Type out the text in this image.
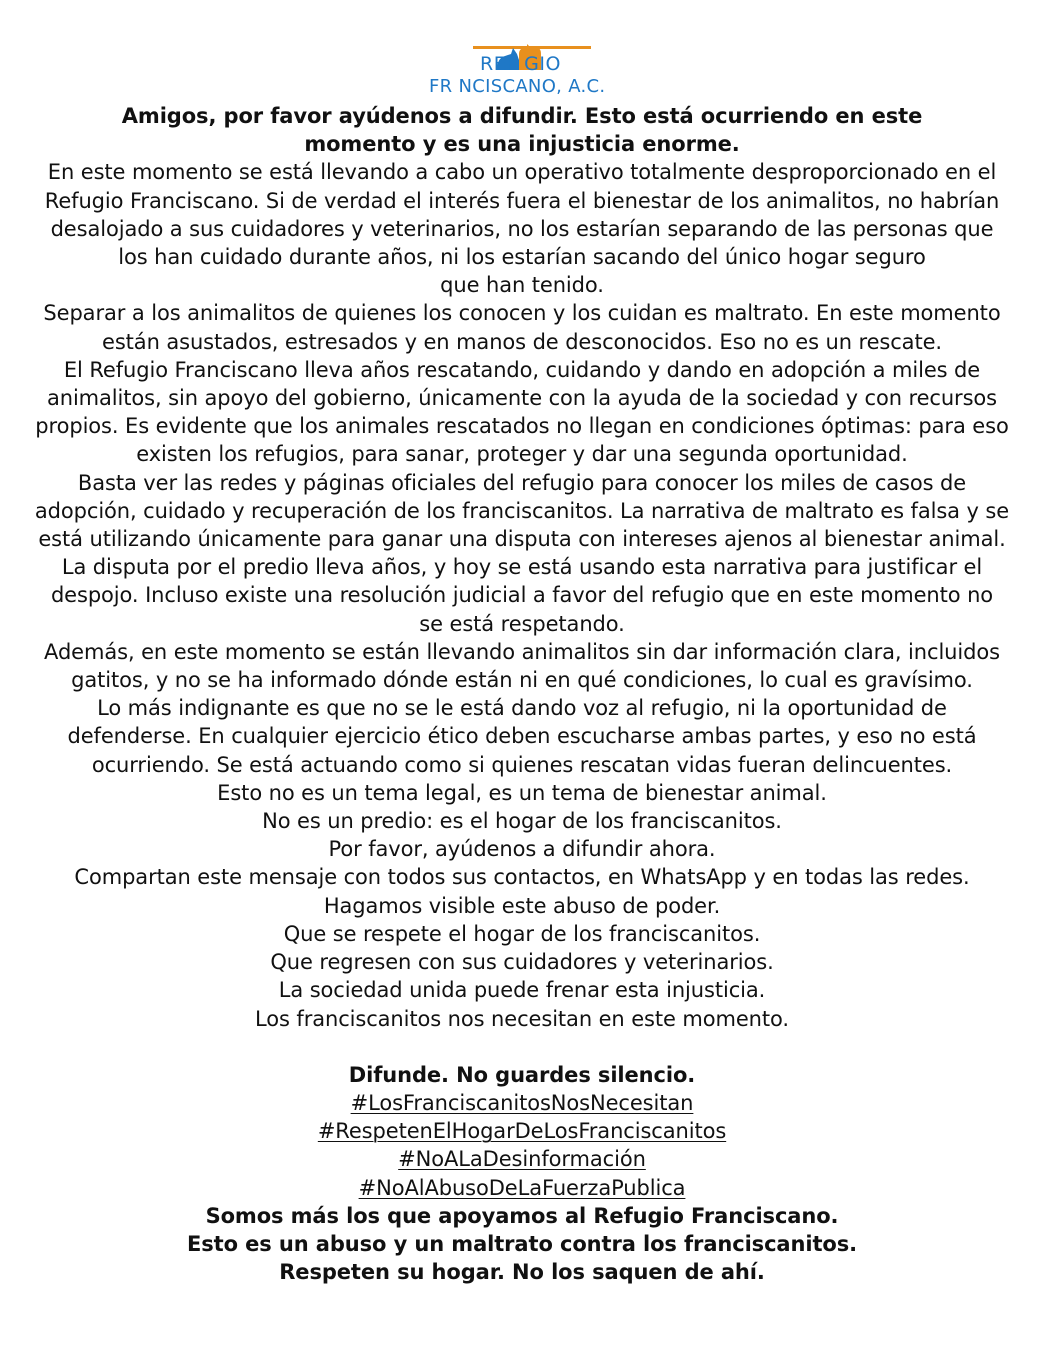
REF GIO
FR NCISCANO, A.C.

Amigos, por favor ayúdenos a difundir. Esto está ocurriendo en este

momento y es una injusticia enorme.

En este momento se está llevando a cabo un operativo totalmente desproporcionado en el

Refugio Franciscano. Si de verdad el interés fuera el bienestar de los animalitos, no habrían

desalojado a sus cuidadores y veterinarios, no los estarían separando de las personas que

los han cuidado durante años, ni los estarían sacando del único hogar seguro

que han tenido.

Separar a los animalitos de quienes los conocen y los cuidan es maltrato. En este momento

están asustados, estresados y en manos de desconocidos. Eso no es un rescate.

El Refugio Franciscano lleva años rescatando, cuidando y dando en adopción a miles de

animalitos, sin apoyo del gobierno, únicamente con la ayuda de la sociedad y con recursos

propios. Es evidente que los animales rescatados no llegan en condiciones óptimas: para eso

existen los refugios, para sanar, proteger y dar una segunda oportunidad.

Basta ver las redes y páginas oficiales del refugio para conocer los miles de casos de

adopción, cuidado y recuperación de los franciscanitos. La narrativa de maltrato es falsa y se

está utilizando únicamente para ganar una disputa con intereses ajenos al bienestar animal.

La disputa por el predio lleva años, y hoy se está usando esta narrativa para justificar el

despojo. Incluso existe una resolución judicial a favor del refugio que en este momento no

se está respetando.

Además, en este momento se están llevando animalitos sin dar información clara, incluidos

gatitos, y no se ha informado dónde están ni en qué condiciones, lo cual es gravísimo.

Lo más indignante es que no se le está dando voz al refugio, ni la oportunidad de

defenderse. En cualquier ejercicio ético deben escucharse ambas partes, y eso no está

ocurriendo. Se está actuando como si quienes rescatan vidas fueran delincuentes.

Esto no es un tema legal, es un tema de bienestar animal.

No es un predio: es el hogar de los franciscanitos.

Por favor, ayúdenos a difundir ahora.

Compartan este mensaje con todos sus contactos, en WhatsApp y en todas las redes.

Hagamos visible este abuso de poder.

Que se respete el hogar de los franciscanitos.

Que regresen con sus cuidadores y veterinarios.

La sociedad unida puede frenar esta injusticia.

Los franciscanitos nos necesitan en este momento.

Difunde. No guardes silencio.

#LosFranciscanitosNosNecesitan

#RespetenElHogarDeLosFranciscanitos

#NoALaDesinformación

#NoAlAbusoDeLaFuerzaPublica

Somos más los que apoyamos al Refugio Franciscano.

Esto es un abuso y un maltrato contra los franciscanitos.

Respeten su hogar. No los saquen de ahí.
